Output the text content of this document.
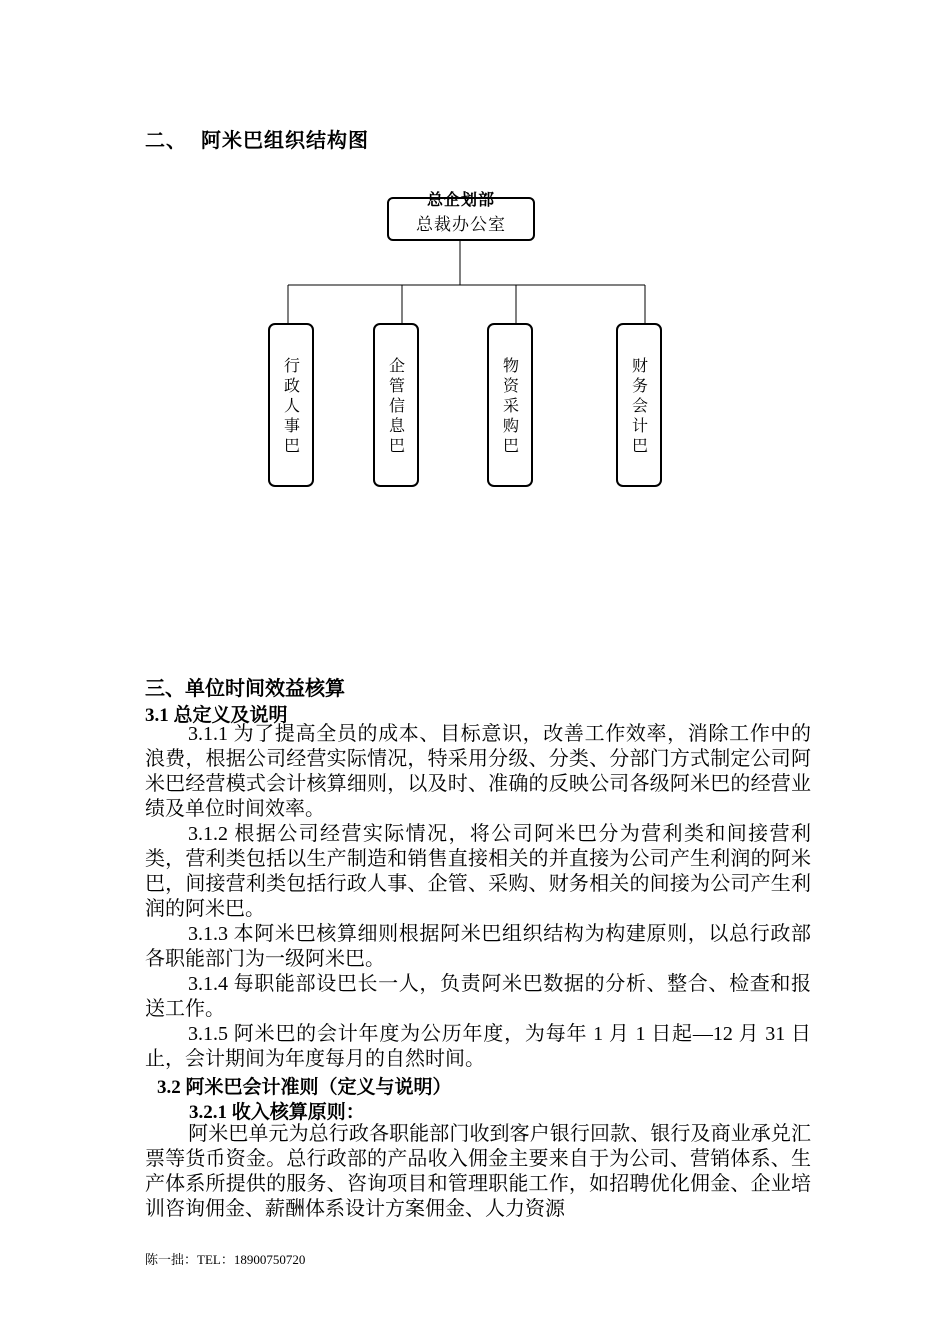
二、 阿米巴组织结构图
总企划部
总裁办公室
行政人事巴	企管信息巴	物资采购巴	财务会计巴
三、单位时间效益核算
3.1 总定义及说明
3.1.1 为了提高全员的成本、目标意识，改善工作效率，消除工作中的浪费，根据公司经营实际情况，特采用分级、分类、分部门方式制定公司阿米巴经营模式会计核算细则，以及时、准确的反映公司各级阿米巴的经营业绩及单位时间效率。
3.1.2 根据公司经营实际情况，将公司阿米巴分为营利类和间接营利类，营利类包括以生产制造和销售直接相关的并直接为公司产生利润的阿米巴，间接营利类包括行政人事、企管、采购、财务相关的间接为公司产生利润的阿米巴。
3.1.3 本阿米巴核算细则根据阿米巴组织结构为构建原则，以总行政部各职能部门为一级阿米巴。
3.1.4 每职能部设巴长一人，负责阿米巴数据的分析、整合、检查和报送工作。
3.1.5 阿米巴的会计年度为公历年度，为每年 1 月 1 日起—12 月 31 日止，会计期间为年度每月的自然时间。
3.2 阿米巴会计准则（定义与说明）
3.2.1 收入核算原则：
阿米巴单元为总行政各职能部门收到客户银行回款、银行及商业承兑汇票等货币资金。总行政部的产品收入佣金主要来自于为公司、营销体系、生产体系所提供的服务、咨询项目和管理职能工作，如招聘优化佣金、企业培训咨询佣金、薪酬体系设计方案佣金、人力资源
陈一拙：TEL：18900750720
